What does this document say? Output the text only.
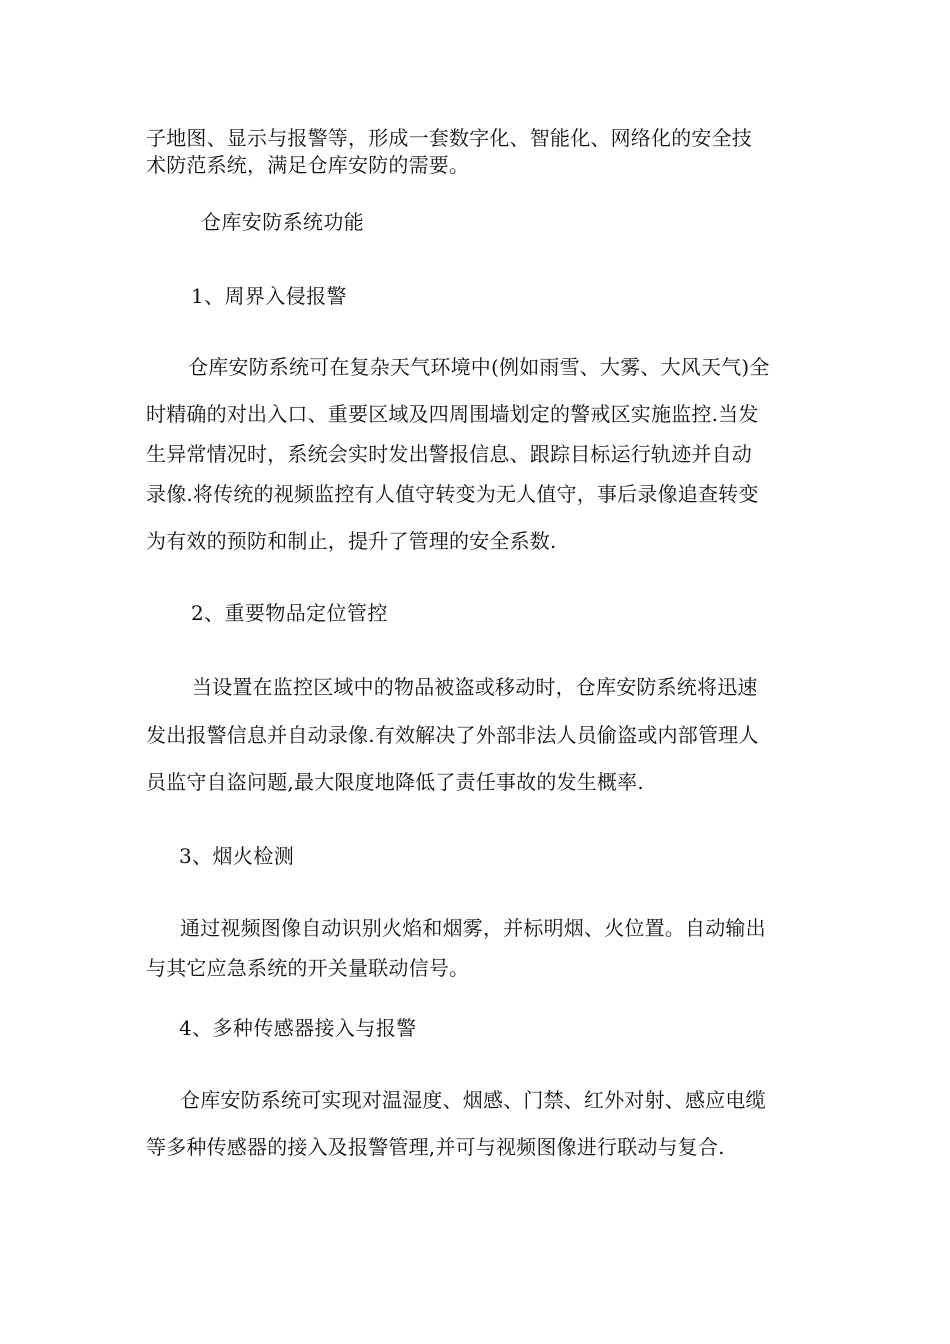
子地图、显示与报警等，形成一套数字化、智能化、网络化的安全技

术防范系统，满足仓库安防的需要。

仓库安防系统功能

1、周界入侵报警

仓库安防系统可在复杂天气环境中(例如雨雪、大雾、大风天气)全

时精确的对出入口、重要区域及四周围墙划定的警戒区实施监控.当发

生异常情况时，系统会实时发出警报信息、跟踪目标运行轨迹并自动

录像.将传统的视频监控有人值守转变为无人值守，事后录像追查转变

为有效的预防和制止，提升了管理的安全系数.

2、重要物品定位管控

当设置在监控区域中的物品被盗或移动时，仓库安防系统将迅速

发出报警信息并自动录像.有效解决了外部非法人员偷盗或内部管理人

员监守自盗问题,最大限度地降低了责任事故的发生概率.

3、烟火检测

通过视频图像自动识别火焰和烟雾，并标明烟、火位置。自动输出

与其它应急系统的开关量联动信号。

4、多种传感器接入与报警

仓库安防系统可实现对温湿度、烟感、门禁、红外对射、感应电缆

等多种传感器的接入及报警管理,并可与视频图像进行联动与复合.
